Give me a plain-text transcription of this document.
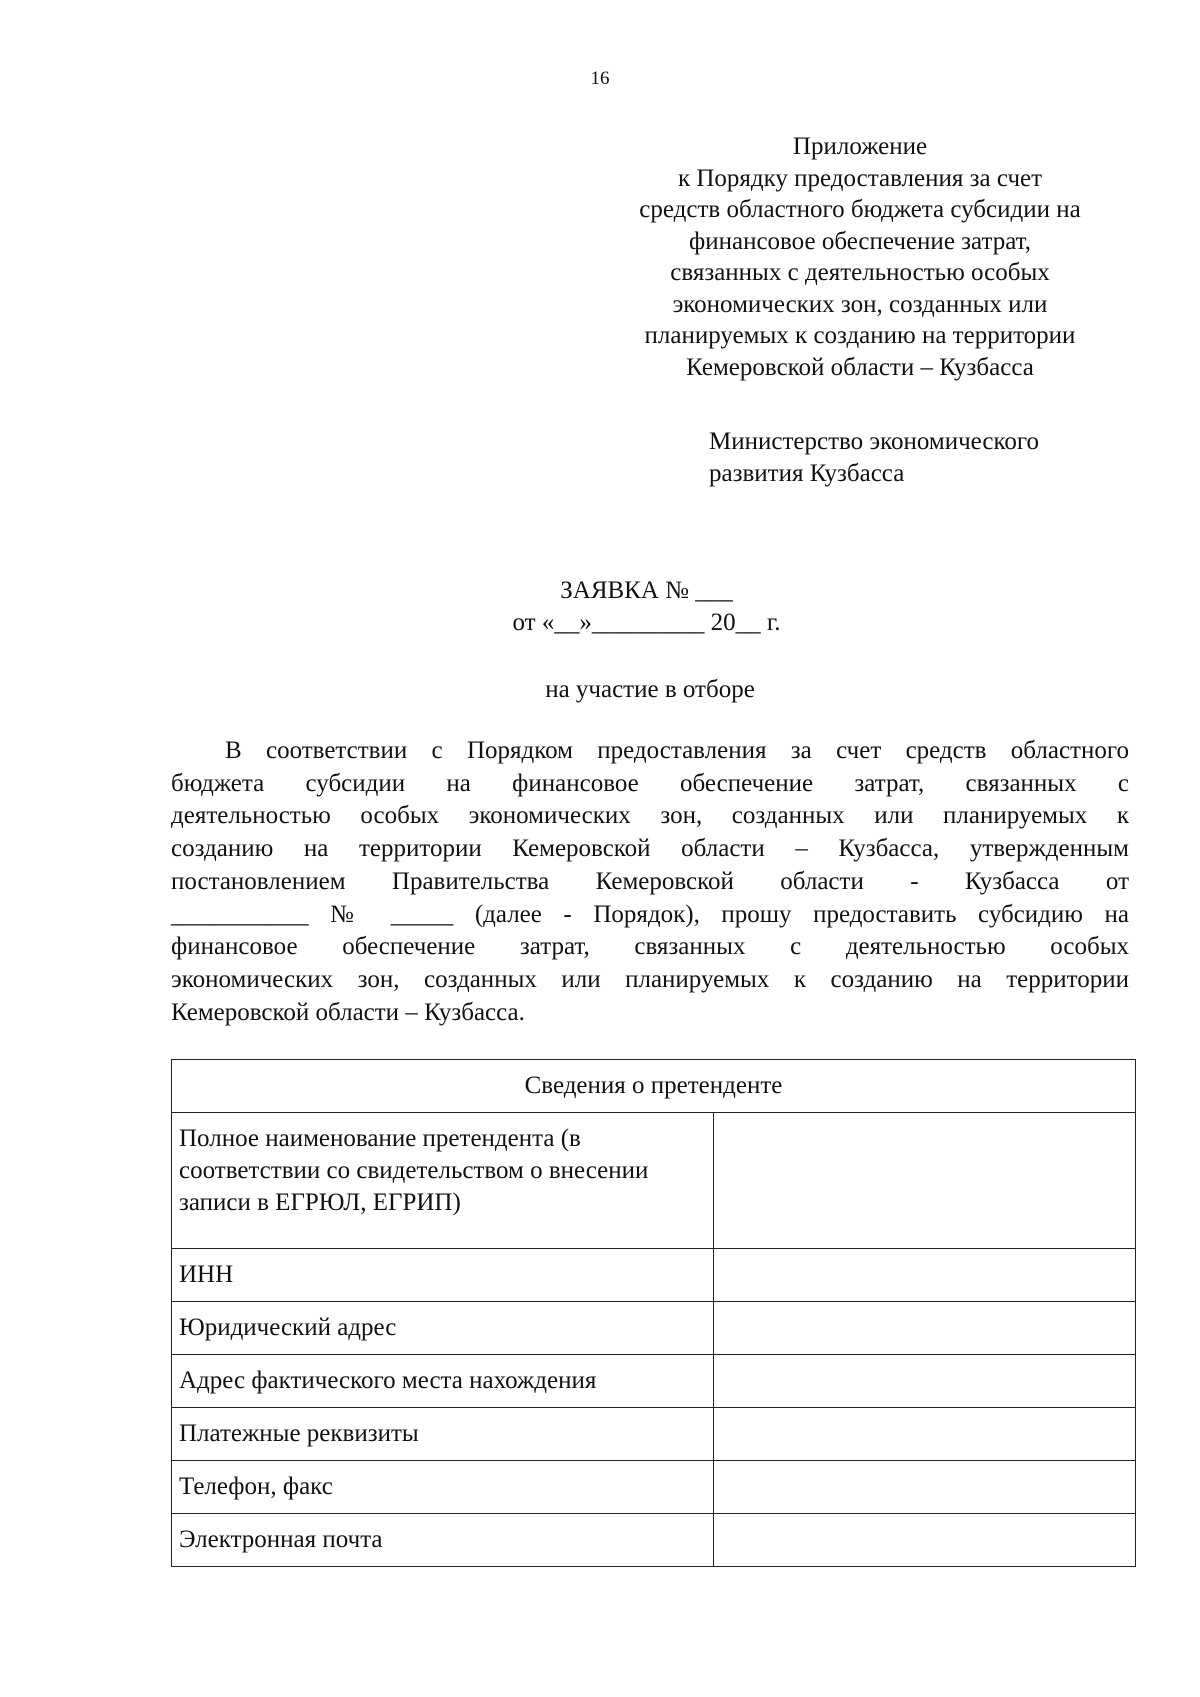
16
Приложение
к Порядку предоставления за счет
средств областного бюджета субсидии на
финансовое обеспечение затрат,
связанных с деятельностью особых
экономических зон, созданных или
планируемых к созданию на территории
Кемеровской области – Кузбасса
Министерство экономического
развития Кузбасса
ЗАЯВКА № ___
от «__»_________ 20__ г.
на участие в отборе
В соответствии с Порядком предоставления за счет средств областного
бюджета субсидии на финансовое обеспечение затрат, связанных с
деятельностью особых экономических зон, созданных или планируемых к
созданию на территории Кемеровской области – Кузбасса, утвержденным
постановлением Правительства Кемеровской области - Кузбасса от
___________ № _____ (далее - Порядок), прошу предоставить субсидию на
финансовое обеспечение затрат, связанных с деятельностью особых
экономических зон, созданных или планируемых к созданию на территории
Кемеровской области – Кузбасса.
Сведения о претенденте	
Полное наименование претендента (в соответствии со свидетельством о внесении записи в ЕГРЮЛ, ЕГРИП)	
ИНН	
Юридический адрес	
Адрес фактического места нахождения	
Платежные реквизиты	
Телефон, факс	
Электронная почта	
